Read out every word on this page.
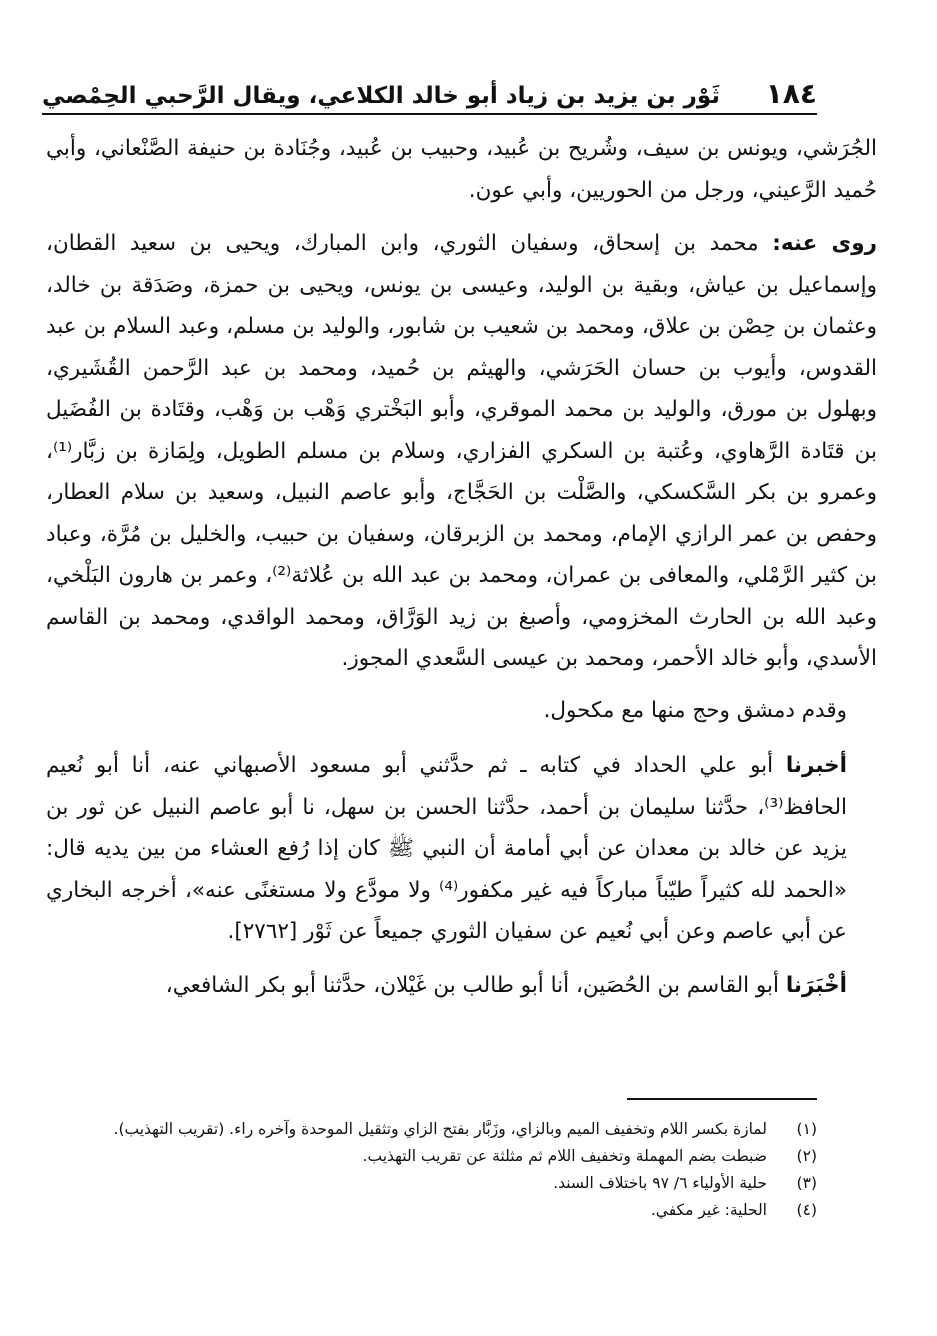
١٨٤
ثَوْر بن يزيد بن زياد أبو خالد الكلاعي، ويقال الرَّحبي الحِمْصي

الجُرَشي، ويونس بن سيف، وشُريح بن عُبيد، وحبيب بن عُبيد، وجُنَادة بن حنيفة الصَّنْعاني، وأبي حُميد الرَّعيني، ورجل من الحوريين، وأبي عون.

روى عنه: محمد بن إسحاق، وسفيان الثوري، وابن المبارك، ويحيى بن سعيد القطان، وإسماعيل بن عياش، وبقية بن الوليد، وعيسى بن يونس، ويحيى بن حمزة، وصَدَقة بن خالد، وعثمان بن حِصْن بن علاق، ومحمد بن شعيب بن شابور، والوليد بن مسلم، وعبد السلام بن عبد القدوس، وأيوب بن حسان الحَرَشي، والهيثم بن حُميد، ومحمد بن عبد الرَّحمن القُشَيري، وبهلول بن مورق، والوليد بن محمد الموقري، وأبو البَخْتري وَهْب بن وَهْب، وقتَادة بن الفُضَيل بن قتَادة الرَّهاوي، وعُتبة بن السكري الفزاري، وسلام بن مسلم الطويل، ولِمَازة بن زبَّار⁽¹⁾، وعمرو بن بكر السَّكسكي، والصَّلْت بن الحَجَّاج، وأبو عاصم النبيل، وسعيد بن سلام العطار، وحفص بن عمر الرازي الإمام، ومحمد بن الزبرقان، وسفيان بن حبيب، والخليل بن مُرَّة، وعباد بن كثير الرَّمْلي، والمعافى بن عمران، ومحمد بن عبد الله بن عُلاثة⁽²⁾، وعمر بن هارون البَلْخي، وعبد الله بن الحارث المخزومي، وأصبغ بن زيد الوَرَّاق، ومحمد الواقدي، ومحمد بن القاسم الأسدي، وأبو خالد الأحمر، ومحمد بن عيسى السَّعدي المجوز.

وقدم دمشق وحج منها مع مكحول.

أخبرنا أبو علي الحداد في كتابه ـ ثم حدَّثني أبو مسعود الأصبهاني عنه، أنا أبو نُعيم الحافظ⁽³⁾، حدَّثنا سليمان بن أحمد، حدَّثنا الحسن بن سهل، نا أبو عاصم النبيل عن ثور بن يزيد عن خالد بن معدان عن أبي أمامة أن النبي ﷺ كان إذا رُفع العشاء من بين يديه قال: «الحمد لله كثيراً طيّباً مباركاً فيه غير مكفور⁽⁴⁾ ولا مودَّع ولا مستغنًى عنه»، أخرجه البخاري عن أبي عاصم وعن أبي نُعيم عن سفيان الثوري جميعاً عن ثَوْر [٢٧٦٢].

أخْبَرَنا أبو القاسم بن الحُصَين، أنا أبو طالب بن غَيْلان، حدَّثنا أبو بكر الشافعي،

(١)
لمازة بكسر اللام وتخفيف الميم وبالزاي، وزَبَّار بفتح الزاي وتثقيل الموحدة وآخره راء. (تقريب التهذيب).
(٢)
ضبطت بضم المهملة وتخفيف اللام ثم مثلثة عن تقريب التهذيب.
(٣)
حلية الأولياء ٦/ ٩٧ باختلاف السند.
(٤)
الحلية: غير مكفي.
